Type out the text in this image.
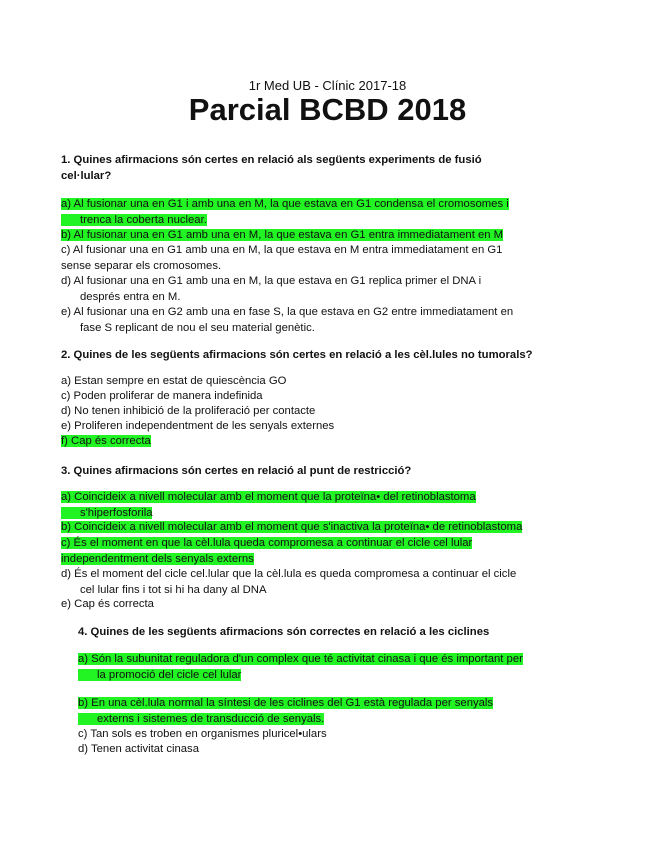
1r Med UB - Clínic 2017-18
Parcial BCBD 2018
1. Quines afirmacions són certes en relació als següents experiments de fusió
cel·lular?
a) Al fusionar una en G1 i amb una en M, la que estava en G1 condensa el cromosomes i
trenca la coberta nuclear.
b) Al fusionar una en G1 amb una en M, la que estava en G1 entra immediatament en M
c) Al fusionar una en G1 amb una en M, la que estava en M entra immediatament en G1
sense separar els cromosomes.
d) Al fusionar una en G1 amb una en M, la que estava en G1 replica primer el DNA i
després entra en M.
e) Al fusionar una en G2 amb una en fase S, la que estava en G2 entre immediatament en
fase S replicant de nou el seu material genètic.
2. Quines de les següents afirmacions són certes en relació a les cèl.lules no tumorals?
a) Estan sempre en estat de quiescència GO
c) Poden proliferar de manera indefinida
d) No tenen inhibició de la proliferació per contacte
e) Proliferen independentment de les senyals externes
f) Cap és correcta
3. Quines afirmacions són certes en relació al punt de restricció?
a) Coincideix a nivell molecular amb el moment que la proteïna• del retinoblastoma
s'hiperfosforila
b) Coincideix a nivell molecular amb el moment que s'inactiva la proteïna• de retinoblastoma
c) És el moment en que la cèl.lula queda compromesa a continuar el cicle cel lular
independentment dels senyals externs
d) És el moment del cicle cel.lular que la cèl.lula es queda compromesa a continuar el cicle
cel lular fins i tot si hi ha dany al DNA
e) Cap és correcta
4. Quines de les següents afirmacions són correctes en relació a les ciclines
a) Són la subunitat reguladora d'un complex que té activitat cinasa i que és important per
la promoció del cicle cel lular
b) En una cèl.lula normal la síntesi de les ciclines del G1 està regulada per senyals
externs i sistemes de transducció de senyals.
c) Tan sols es troben en organismes pluricel•ulars
d) Tenen activitat cinasa
